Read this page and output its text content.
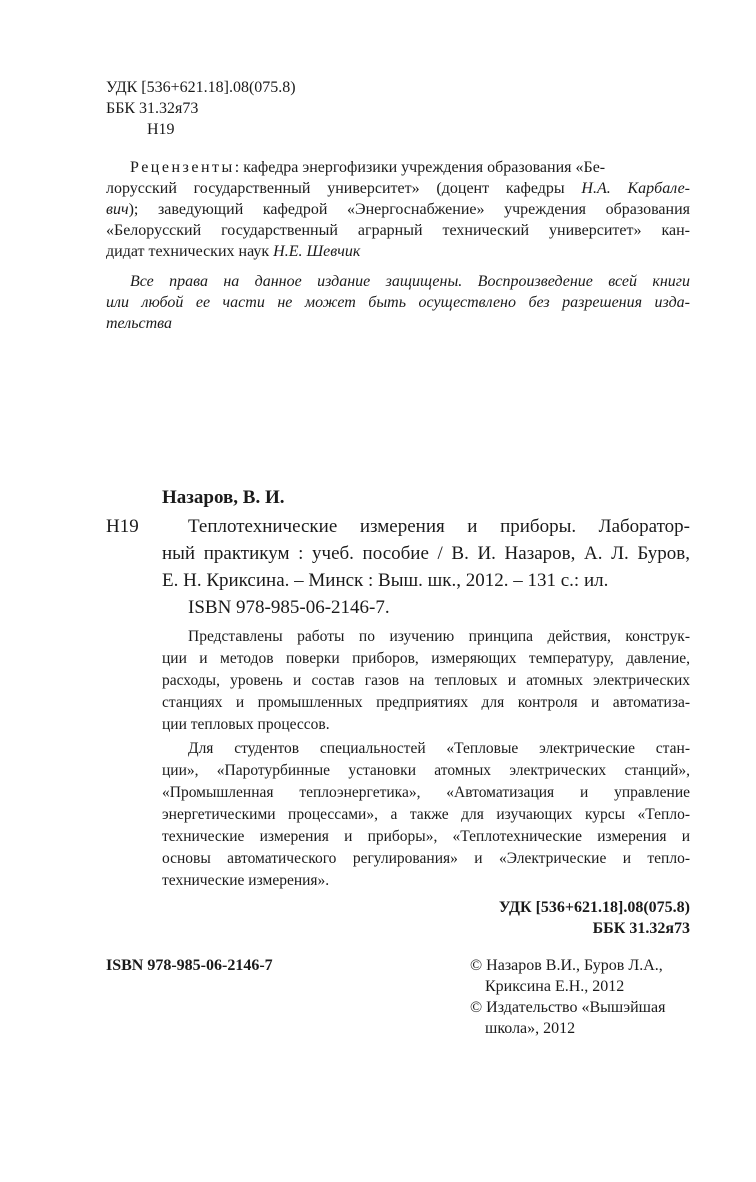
УДК [536+621.18].08(075.8)
ББК 31.32я73
Н19
Рецензенты: кафедра энергофизики учреждения образования «Бе-
лорусский государственный университет» (доцент кафедры Н.А. Карбале-
вич); заведующий кафедрой «Энергоснабжение» учреждения образования
«Белорусский государственный аграрный технический университет» кан-
дидат технических наук Н.Е. Шевчик
Все права на данное издание защищены. Воспроизведение всей книги
или любой ее части не может быть осуществлено без разрешения изда-
тельства
Назаров, В. И.
Н19	Теплотехнические измерения и приборы. Лаборатор-
ный практикум : учеб. пособие / В. И. Назаров, А. Л. Буров,
Е. Н. Криксина. – Минск : Выш. шк., 2012. – 131 с.: ил.
ISBN 978-985-06-2146-7.
Представлены работы по изучению принципа действия, конструк-
ции и методов поверки приборов, измеряющих температуру, давление,
расходы, уровень и состав газов на тепловых и атомных электрических
станциях и промышленных предприятиях для контроля и автоматиза-
ции тепловых процессов.
Для студентов специальностей «Тепловые электрические стан-
ции», «Паротурбинные установки атомных электрических станций»,
«Промышленная теплоэнергетика», «Автоматизация и управление
энергетическими процессами», а также для изучающих курсы «Тепло-
технические измерения и приборы», «Теплотехнические измерения и
основы автоматического регулирования» и «Электрические и тепло-
технические измерения».
УДК [536+621.18].08(075.8)
ББК 31.32я73
ISBN 978-985-06-2146-7	© Назаров В.И., Буров Л.А.,
Криксина Е.Н., 2012
© Издательство «Вышэйшая
школа», 2012
